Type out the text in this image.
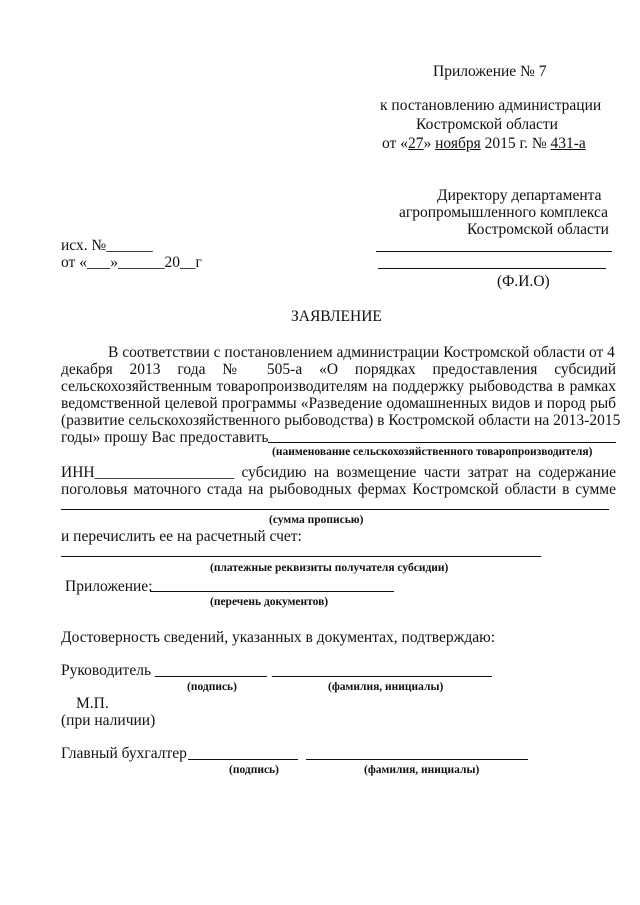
Приложение № 7
к постановлению администрации
Костромской области
от «27» ноября 2015 г. № 431-а
Директору департамента
агропромышленного комплекса
Костромской области
(Ф.И.О)
исх. №______
от «___»______20__г
ЗАЯВЛЕНИЕ
В соответствии с постановлением администрации Костромской области от 4
декабря 2013 года № 505-а «О порядках предоставления субсидий
сельскохозяйственным товаропроизводителям на поддержку рыбоводства в рамках
ведомственной целевой программы «Разведение одомашненных видов и пород рыб
(развитие сельскохозяйственного рыбоводства) в Костромской области на 2013-2015
годы» прошу Вас предоставить
(наименование сельскохозяйственного товаропроизводителя)
ИНН__________________ субсидию на возмещение части затрат на содержание
поголовья маточного стада на рыбоводных фермах Костромской области в сумме
(сумма прописью)
и перечислить ее на расчетный счет:
(платежные реквизиты получателя субсидии)
Приложение:
(перечень документов)
Достоверность сведений, указанных в документах, подтверждаю:
Руководитель
(подпись)	(фамилия, инициалы)
М.П.
(при наличии)
Главный бухгалтер
(подпись)	(фамилия, инициалы)
